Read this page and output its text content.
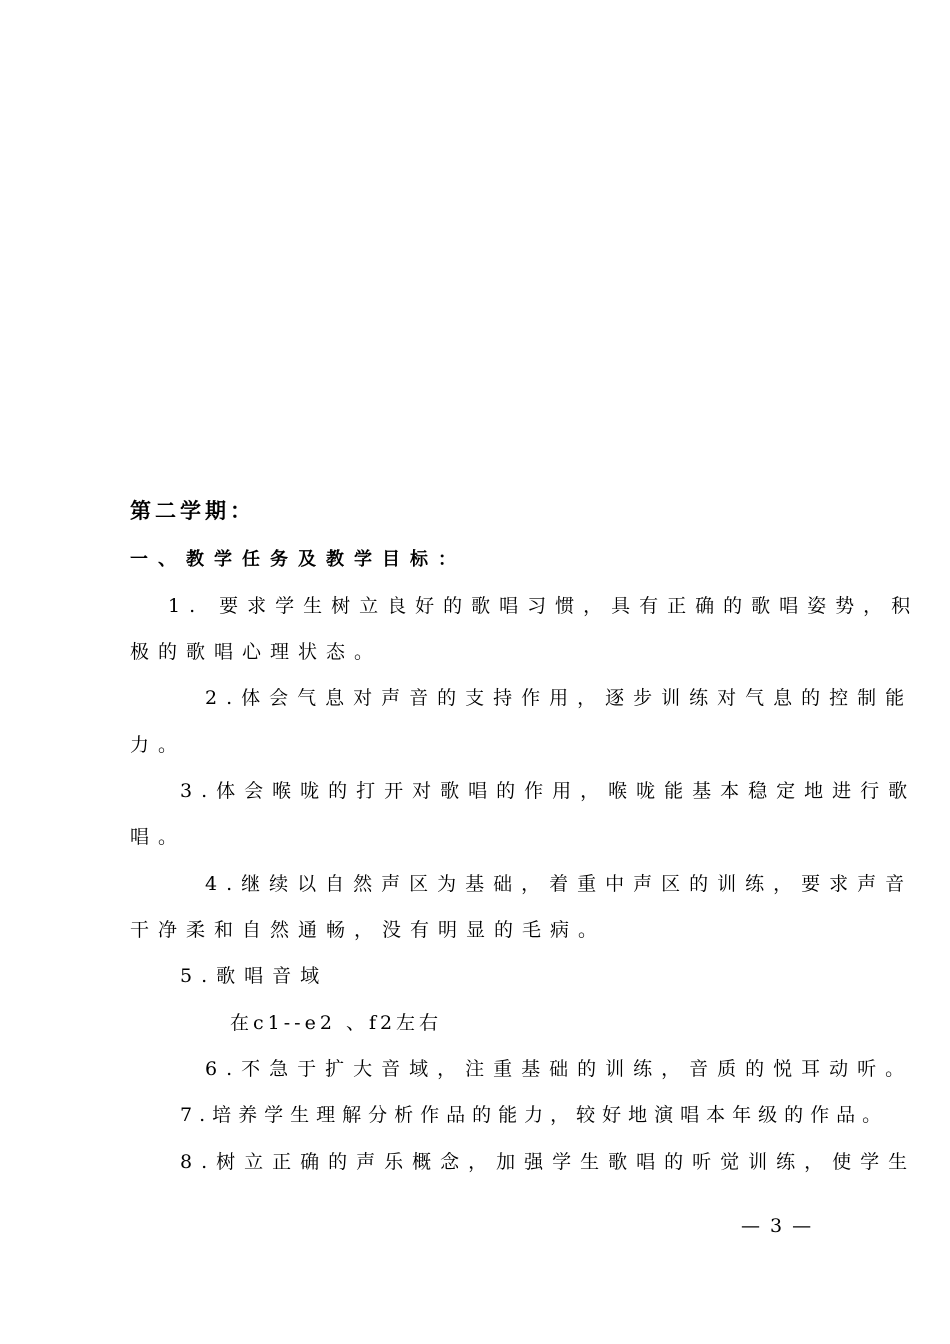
第二学期：
一、教学任务及教学目标：
1. 要求学生树立良好的歌唱习惯，具有正确的歌唱姿势，积
极的歌唱心理状态。
2.体会气息对声音的支持作用，逐步训练对气息的控制能
力。
3.体会喉咙的打开对歌唱的作用，喉咙能基本稳定地进行歌
唱。
4.继续以自然声区为基础，着重中声区的训练，要求声音
干净柔和自然通畅，没有明显的毛病。
5.歌唱音域
在c1--e2 、f2左右
6.不急于扩大音域，注重基础的训练，音质的悦耳动听。
7.培养学生理解分析作品的能力，较好地演唱本年级的作品。
8.树立正确的声乐概念，加强学生歌唱的听觉训练，使学生
— 3 —
